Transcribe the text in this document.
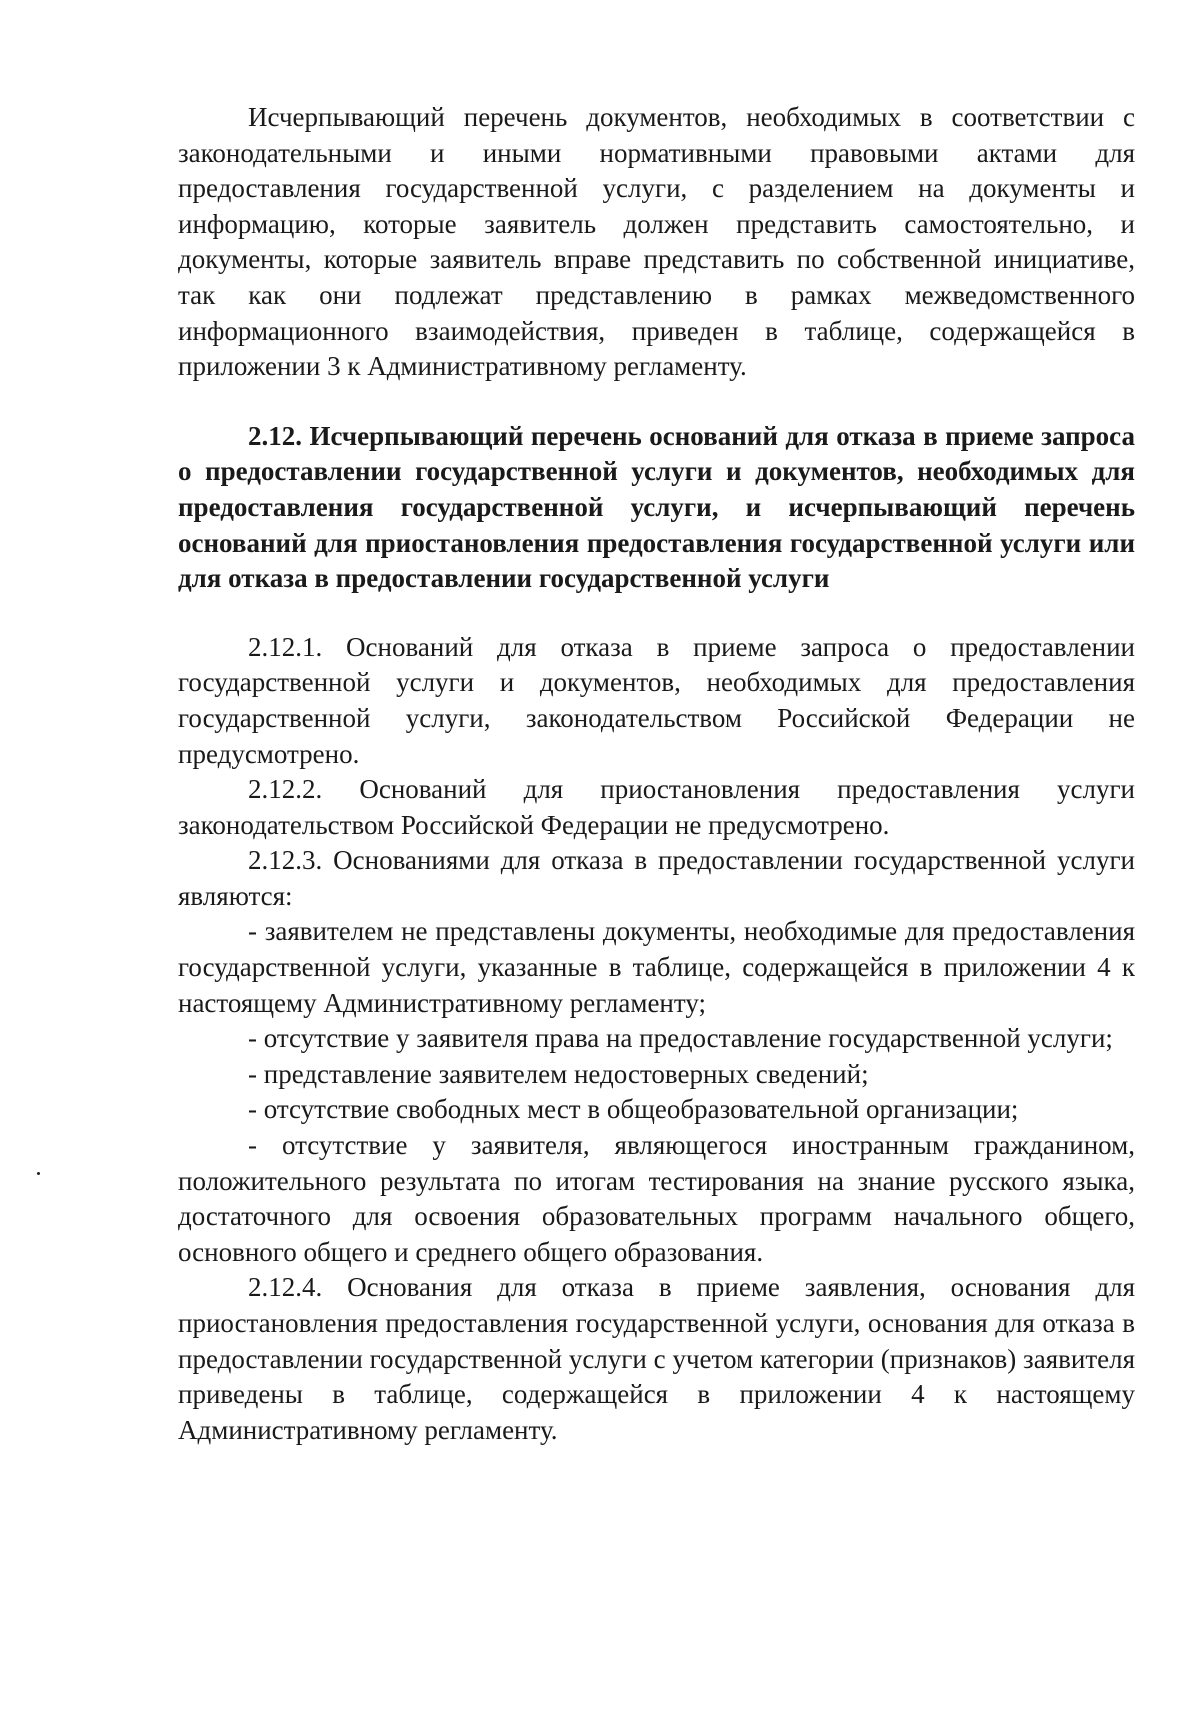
Исчерпывающий перечень документов, необходимых в соответствии с законодательными и иными нормативными правовыми актами для предоставления государственной услуги, с разделением на документы и информацию, которые заявитель должен представить самостоятельно, и документы, которые заявитель вправе представить по собственной инициативе, так как они подлежат представлению в рамках межведомственного информационного взаимодействия, приведен в таблице, содержащейся в приложении 3 к Административному регламенту.

2.12. Исчерпывающий перечень оснований для отказа в приеме запроса о предоставлении государственной услуги и документов, необходимых для предоставления государственной услуги, и исчерпывающий перечень оснований для приостановления предоставления государственной услуги или для отказа в предоставлении государственной услуги

2.12.1. Оснований для отказа в приеме запроса о предоставлении государственной услуги и документов, необходимых для предоставления государственной услуги, законодательством Российской Федерации не предусмотрено.

2.12.2. Оснований для приостановления предоставления услуги законодательством Российской Федерации не предусмотрено.

2.12.3. Основаниями для отказа в предоставлении государственной услуги являются:

- заявителем не представлены документы, необходимые для предоставления государственной услуги, указанные в таблице, содержащейся в приложении 4 к настоящему Административному регламенту;

- отсутствие у заявителя права на предоставление государственной услуги;

- представление заявителем недостоверных сведений;

- отсутствие свободных мест в общеобразовательной организации;

- отсутствие у заявителя, являющегося иностранным гражданином, положительного результата по итогам тестирования на знание русского языка, достаточного для освоения образовательных программ начального общего, основного общего и среднего общего образования.

2.12.4. Основания для отказа в приеме заявления, основания для приостановления предоставления государственной услуги, основания для отказа в предоставлении государственной услуги с учетом категории (признаков) заявителя приведены в таблице, содержащейся в приложении 4 к настоящему Административному регламенту.
